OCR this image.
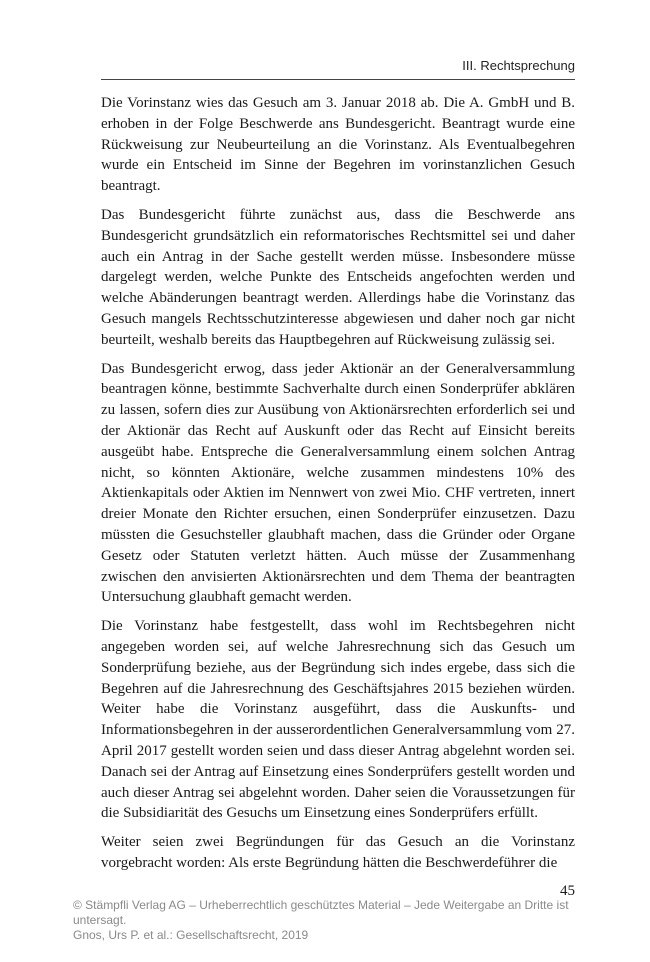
III. Rechtsprechung

Die Vorinstanz wies das Gesuch am 3. Januar 2018 ab. Die A. GmbH und B. erhoben in der Folge Beschwerde ans Bundesgericht. Beantragt wurde eine Rückweisung zur Neubeurteilung an die Vorinstanz. Als Eventualbegehren wurde ein Entscheid im Sinne der Begehren im vorinstanzlichen Gesuch beantragt.

Das Bundesgericht führte zunächst aus, dass die Beschwerde ans Bundesgericht grundsätzlich ein reformatorisches Rechtsmittel sei und daher auch ein Antrag in der Sache gestellt werden müsse. Insbesondere müsse dargelegt werden, welche Punkte des Entscheids angefochten werden und welche Abänderungen beantragt werden. Allerdings habe die Vorinstanz das Gesuch mangels Rechtsschutzinteresse abgewiesen und daher noch gar nicht beurteilt, weshalb bereits das Hauptbegehren auf Rückweisung zulässig sei.

Das Bundesgericht erwog, dass jeder Aktionär an der Generalversammlung beantragen könne, bestimmte Sachverhalte durch einen Sonderprüfer abklären zu lassen, sofern dies zur Ausübung von Aktionärsrechten erforderlich sei und der Aktionär das Recht auf Auskunft oder das Recht auf Einsicht bereits ausgeübt habe. Entspreche die Generalversammlung einem solchen Antrag nicht, so könnten Aktionäre, welche zusammen mindestens 10% des Aktienkapitals oder Aktien im Nennwert von zwei Mio. CHF vertreten, innert dreier Monate den Richter ersuchen, einen Sonderprüfer einzusetzen. Dazu müssten die Gesuchsteller glaubhaft machen, dass die Gründer oder Organe Gesetz oder Statuten verletzt hätten. Auch müsse der Zusammenhang zwischen den anvisierten Aktionärsrechten und dem Thema der beantragten Untersuchung glaubhaft gemacht werden.

Die Vorinstanz habe festgestellt, dass wohl im Rechtsbegehren nicht angegeben worden sei, auf welche Jahresrechnung sich das Gesuch um Sonderprüfung beziehe, aus der Begründung sich indes ergebe, dass sich die Begehren auf die Jahresrechnung des Geschäftsjahres 2015 beziehen würden. Weiter habe die Vorinstanz ausgeführt, dass die Auskunfts- und Informationsbegehren in der ausserordentlichen Generalversammlung vom 27. April 2017 gestellt worden seien und dass dieser Antrag abgelehnt worden sei. Danach sei der Antrag auf Einsetzung eines Sonderprüfers gestellt worden und auch dieser Antrag sei abgelehnt worden. Daher seien die Voraussetzungen für die Subsidiarität des Gesuchs um Einsetzung eines Sonderprüfers erfüllt.

Weiter seien zwei Begründungen für das Gesuch an die Vorinstanz vorgebracht worden: Als erste Begründung hätten die Beschwerdeführer die

45
© Stämpfli Verlag AG – Urheberrechtlich geschütztes Material – Jede Weitergabe an Dritte ist untersagt.
Gnos, Urs P. et al.: Gesellschaftsrecht, 2019
